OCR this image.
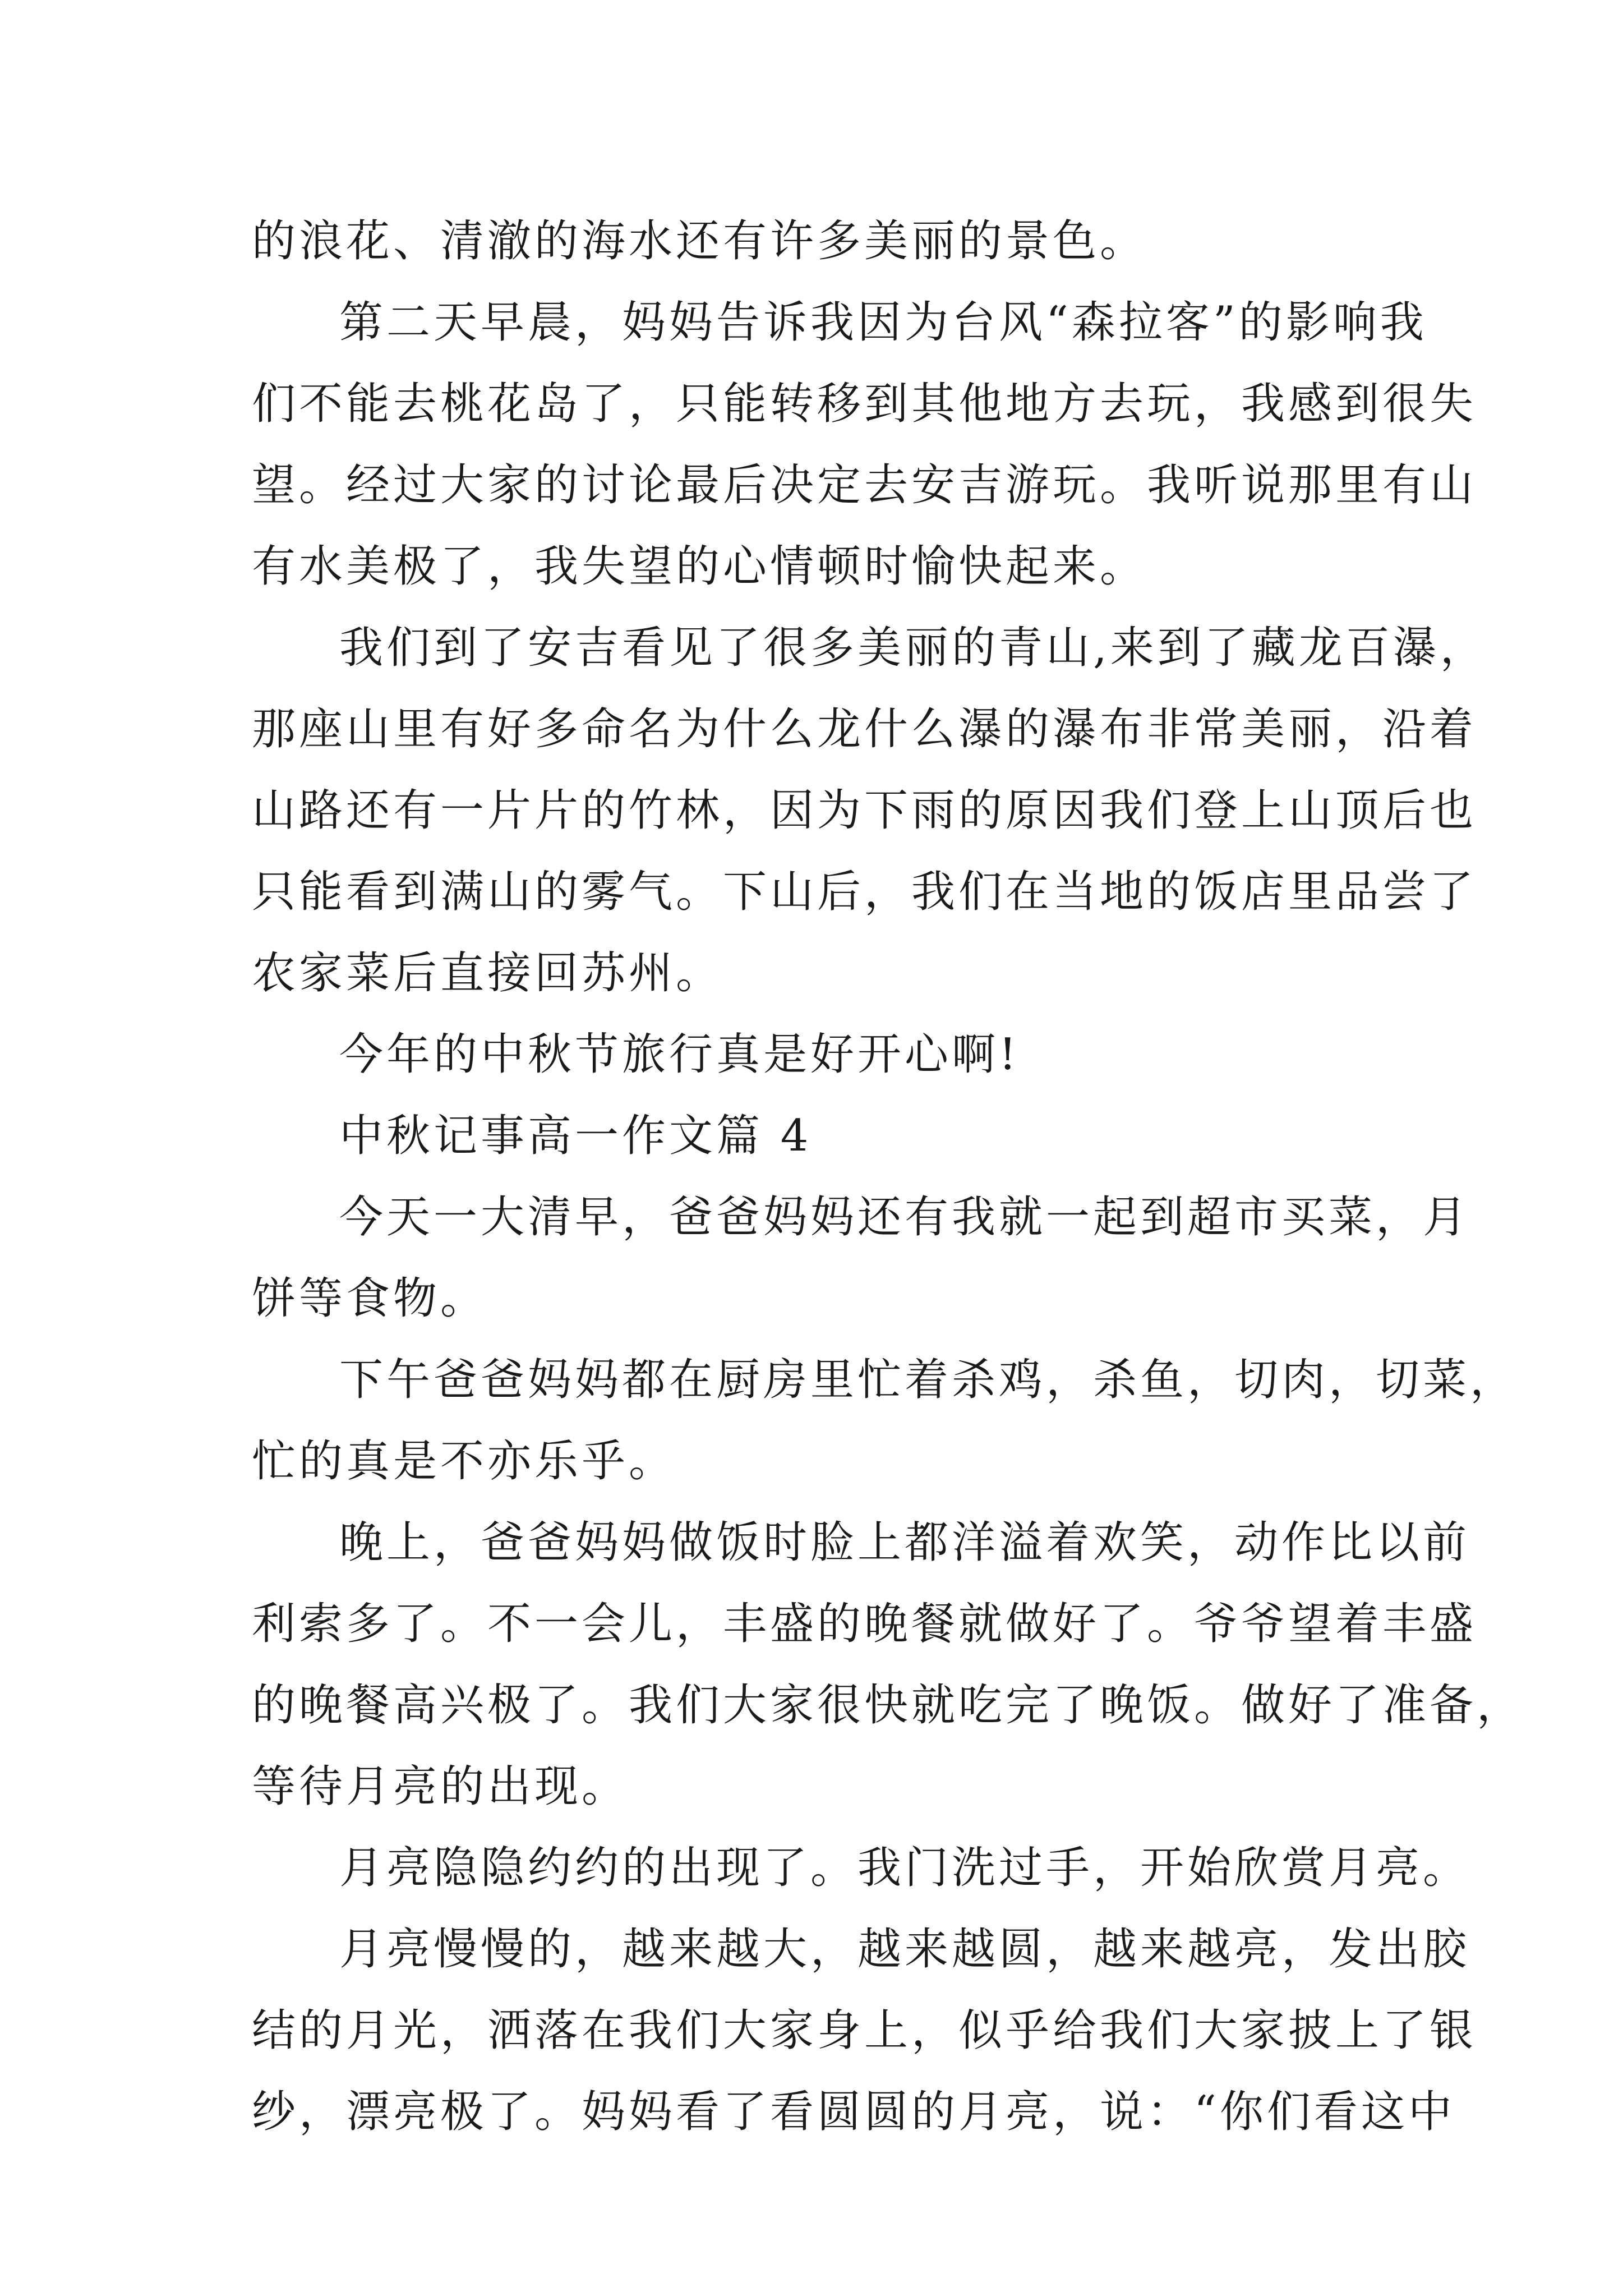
的浪花、清澈的海水还有许多美丽的景色。

第二天早晨，妈妈告诉我因为台风“森拉客”的影响我

们不能去桃花岛了，只能转移到其他地方去玩，我感到很失

望。经过大家的讨论最后决定去安吉游玩。我听说那里有山

有水美极了，我失望的心情顿时愉快起来。

我们到了安吉看见了很多美丽的青山,来到了藏龙百瀑，

那座山里有好多命名为什么龙什么瀑的瀑布非常美丽，沿着

山路还有一片片的竹林，因为下雨的原因我们登上山顶后也

只能看到满山的雾气。下山后，我们在当地的饭店里品尝了

农家菜后直接回苏州。

今年的中秋节旅行真是好开心啊!

中秋记事高一作文篇 4

今天一大清早，爸爸妈妈还有我就一起到超市买菜，月

饼等食物。

下午爸爸妈妈都在厨房里忙着杀鸡，杀鱼，切肉，切菜，

忙的真是不亦乐乎。

晚上，爸爸妈妈做饭时脸上都洋溢着欢笑，动作比以前

利索多了。不一会儿，丰盛的晚餐就做好了。爷爷望着丰盛

的晚餐高兴极了。我们大家很快就吃完了晚饭。做好了准备，

等待月亮的出现。

月亮隐隐约约的出现了。我门洗过手，开始欣赏月亮。

月亮慢慢的，越来越大，越来越圆，越来越亮，发出胶

结的月光，洒落在我们大家身上，似乎给我们大家披上了银

纱，漂亮极了。妈妈看了看圆圆的月亮，说：“你们看这中
